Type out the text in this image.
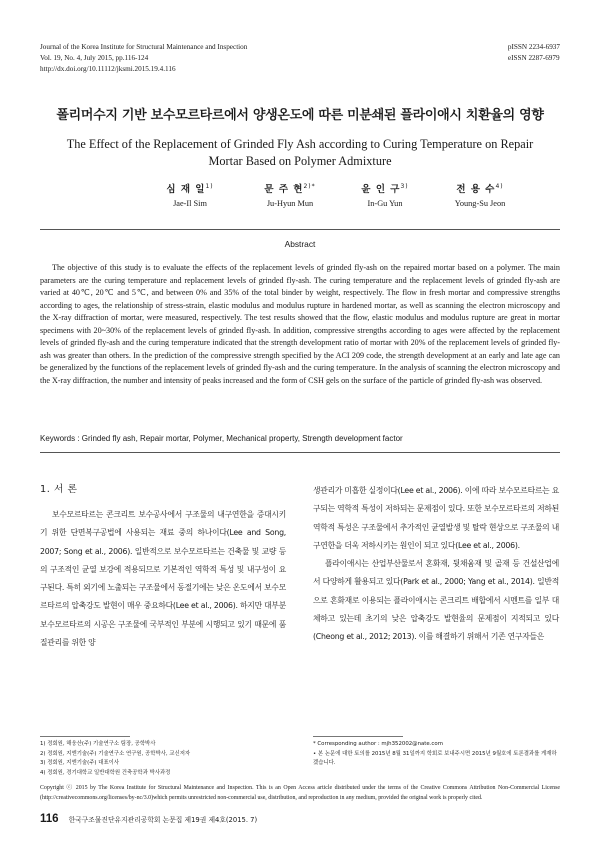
Journal of the Korea Institute for Structural Maintenance and Inspection
Vol. 19, No. 4, July 2015, pp.116-124
http://dx.doi.org/10.11112/jksmi.2015.19.4.116
pISSN 2234-6937
eISSN 2287-6979
폴리머수지 기반 보수모르타르에서 양생온도에 따른 미분쇄된 플라이애시 치환율의 영향
The Effect of the Replacement of Grinded Fly Ash according to Curing Temperature on Repair Mortar Based on Polymer Admixture
심 재 일$^{1)}$
Jae-Il Sim
문 주 현$^{2)*}$
Ju-Hyun Mun
윤 인 구$^{3)}$
In-Gu Yun
전 용 수$^{4)}$
Young-Su Jeon
Abstract
The objective of this study is to evaluate the effects of the replacement levels of grinded fly-ash on the repaired mortar based on a polymer. The main parameters are the curing temperature and replacement levels of grinded fly-ash. The curing temperature and the replacement levels of grinded fly-ash are varied at 40℃, 20℃ and 5℃, and between 0% and 35% of the total binder by weight, respectively. The flow in fresh mortar and compressive strengths according to ages, the relationship of stress-strain, elastic modulus and modulus rupture in hardened mortar, as well as scanning the electron microscopy and the X-ray diffraction of mortar, were measured, respectively. The test results showed that the flow, elastic modulus and modulus rupture are great in mortar specimens with 20~30% of the replacement levels of grinded fly-ash. In addition, compressive strengths according to ages were affected by the replacement levels of grinded fly-ash and the curing temperature indicated that the strength development ratio of mortar with 20% of the replacement levels of grinded fly-ash was greater than others. In the prediction of the compressive strength specified by the ACI 209 code, the strength development at an early and late age can be generalized by the functions of the replacement levels of grinded fly-ash and the curing temperature. In the analysis of scanning the electron microscopy and the X-ray diffraction, the number and intensity of peaks increased and the form of CSH gels on the surface of the particle of grinded fly-ash was observed.
Keywords : Grinded fly ash, Repair mortar, Polymer, Mechanical property, Strength development factor
1. 서 론

보수모르타르는 콘크리트 보수공사에서 구조물의 내구연한을 증대시키기 위한 단면복구공법에 사용되는 재료 중의 하나이다(Lee and Song, 2007; Song et al., 2006). 일반적으로 보수모르타르는 건축물 및 교량 등의 구조적인 균열 보강에 적용되므로 기본적인 역학적 특성 및 내구성이 요구된다. 특히 외기에 노출되는 구조물에서 동절기에는 낮은 온도에서 보수모르타르의 압축강도 발현이 매우 중요하다(Lee et al., 2006). 하지만 대부분 보수모르타르의 시공은 구조물에 국부적인 부분에 시행되고 있기 때문에 품질관리를 위한 양

생관리가 미흡한 실정이다(Lee et al., 2006). 이에 따라 보수모르타르는 요구되는 역학적 특성이 저하되는 문제점이 있다. 또한 보수모르타르의 저하된 역학적 특성은 구조물에서 추가적인 균열발생 및 탈락 현상으로 구조물의 내구연한을 더욱 저하시키는 원인이 되고 있다(Lee et al., 2006).

플라이애시는 산업부산물로서 혼화재, 뒷채움재 및 골재 등 건설산업에서 다양하게 활용되고 있다(Park et al., 2000; Yang et al., 2014). 일반적으로 혼화재로 이용되는 플라이애시는 콘크리트 배합에서 시멘트를 일부 대체하고 있는데 초기의 낮은 압축강도 발현율의 문제점이 지적되고 있다(Cheong et al., 2012; 2013). 이를 해결하기 위해서 기존 연구자들은

1) 정회원, 해웅산(주) 기술연구소 팀장, 공학박사
2) 정회원, 지엔기술(주) 기술연구소 연구원, 공학박사, 교신저자
3) 정회원, 지엔기술(주) 대표이사
4) 정회원, 경기대학교 일반대학원 건축공학과 박사과정
* Corresponding author : mjh352002@nate.com
• 본 논문에 대한 토의를 2015년 8월 31일까지 학회로 보내주시면 2015년 9월호에 토론결과를 게재하겠습니다.
Copyright ⓒ 2015 by The Korea Institute for Structural Maintenance and Inspection. This is an Open Access article distributed under the terms of the Creative Commons Attribution Non-Commercial License (http://creativecommons.org/licenses/by-nc/3.0)which permits unrestricted non-commercial use, distribution, and reproduction in any medium, provided the original work is properly cited.
116 한국구조물진단유지관리공학회 논문집 제19권 제4호(2015. 7)
